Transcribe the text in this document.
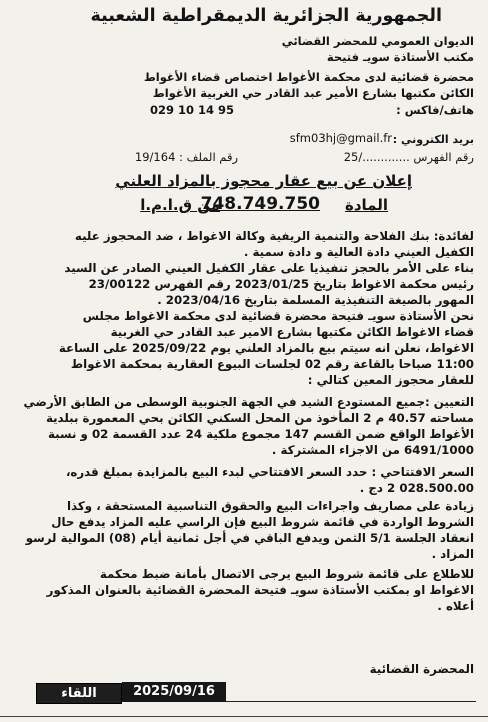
الجمهورية الجزائرية الديمقراطية الشعبية
الديوان العمومي للمحضر القضائي
مكتب الأستاذة سويـ فتيحة
محضرة قضائية لدى محكمة الأغواط اختصاص قضاء الأغواط
الكائن مكتبها بشارع الأمير عبد القادر حي الغربية الأغواط
هاتف/فاكس :
029 10 14 95
بريد الكتروني :
sfm03hj@gmail.fr
رقم الفهرس ............./25
رقم الملف : 19/164
إعلان عن بيع عقار محجوز بالمزاد العلني
المادة
748.749.750
من ق.ا.م.ا
لفائدة: بنك الفلاحة والتنمية الريفية وكالة الاغواط ، ضد المحجوز عليه
الكفيل العيني دادة العالية و دادة سمية .
بناء على الأمر بالحجز تنفيذيا على عقار الكفيل العيني الصادر عن السيد
رئيس محكمة الاغواط بتاريخ 2023/01/25 رقم الفهرس 23/00122
المهور بالصيغة التنفيذية المسلمة بتاريخ 2023/04/16 .
نحن الأستاذة سويـ فتيحة محضرة قضائية لدى محكمة الاغواط مجلس
قضاء الاغواط الكائن مكتبها بشارع الامير عبد القادر حي الغربية
الاغواط، نعلن انه سيتم بيع بالمزاد العلني يوم 2025/09/22 على الساعة
11:00 صباحا بالقاعة رقم 02 لجلسات البيوع العقارية بمحكمة الاغواط
للعقار محجوز المعين كتالي :
التعيين :جميع المستودع الشيد في الجهة الجنوبية الوسطى من الطابق الأرضي
مساحته 40.57 م 2 المأخوذ من المحل السكني الكائن بحي المعمورة ببلدية
الأغواط الواقع ضمن القسم 147 مجموع ملكية 24 عدد القسمة 02 و نسبة
6491/1000 من الاجزاء المشتركة .
السعر الافتتاحي : حدد السعر الافتتاحي لبدء البيع بالمزايدة بمبلغ قدره،
028.500.00 2 دج .
زيادة على مصاريف واجراءات البيع والحقوق التناسبية المستحقة ، وكذا
الشروط الواردة في قائمة شروط البيع فإن الراسي عليه المزاد يدفع حال
انعقاد الجلسة 5/1 الثمن ويدفع الباقي في أجل ثمانية أيام (08) الموالية لرسو
المزاد .
للاطلاع على قائمة شروط البيع يرجى الاتصال بأمانة ضبط محكمة
الاغواط او بمكتب الأستاذة سويـ فتيحة المحضرة القضائية بالعنوان المذكور
أعلاه .
المحضرة القضائية
2025/09/16
اللقاء
